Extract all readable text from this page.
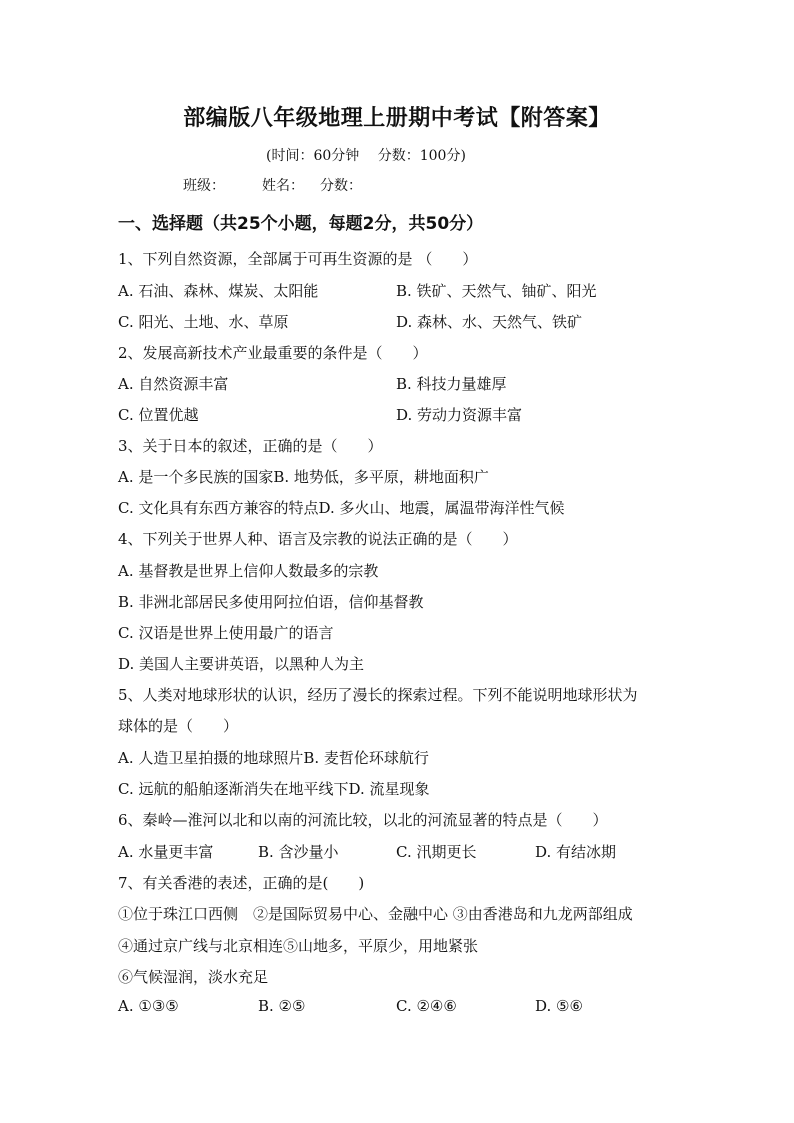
部编版八年级地理上册期中考试【附答案】
(时间：60分钟　 分数：100分)
班级：	姓名： 分数：
一、选择题（共25个小题，每题2分，共50分）
1、下列自然资源，全部属于可再生资源的是 （　　）
A. 石油、森林、煤炭、太阳能	B. 铁矿、天然气、铀矿、阳光
C. 阳光、土地、水、草原	D. 森林、水、天然气、铁矿
2、发展高新技术产业最重要的条件是（　　）
A. 自然资源丰富	B. 科技力量雄厚
C. 位置优越	D. 劳动力资源丰富
3、关于日本的叙述，正确的是（　　）
A. 是一个多民族的国家B. 地势低，多平原，耕地面积广
C. 文化具有东西方兼容的特点D. 多火山、地震，属温带海洋性气候
4、下列关于世界人种、语言及宗教的说法正确的是（　　）
A. 基督教是世界上信仰人数最多的宗教
B. 非洲北部居民多使用阿拉伯语，信仰基督教
C. 汉语是世界上使用最广的语言
D. 美国人主要讲英语，以黑种人为主
5、人类对地球形状的认识，经历了漫长的探索过程。下列不能说明地球形状为
球体的是（　　）
A. 人造卫星拍摄的地球照片B. 麦哲伦环球航行
C. 远航的船舶逐渐消失在地平线下D. 流星现象
6、秦岭—淮河以北和以南的河流比较，以北的河流显著的特点是（　　）
A. 水量更丰富	B. 含沙量小	C. 汛期更长	D. 有结冰期
7、有关香港的表述，正确的是(　　)
①位于珠江口西侧　②是国际贸易中心、金融中心 ③由香港岛和九龙两部组成
④通过京广线与北京相连⑤山地多，平原少，用地紧张
⑥气候湿润，淡水充足
A. ①③⑤	B. ②⑤	C. ②④⑥	D. ⑤⑥
